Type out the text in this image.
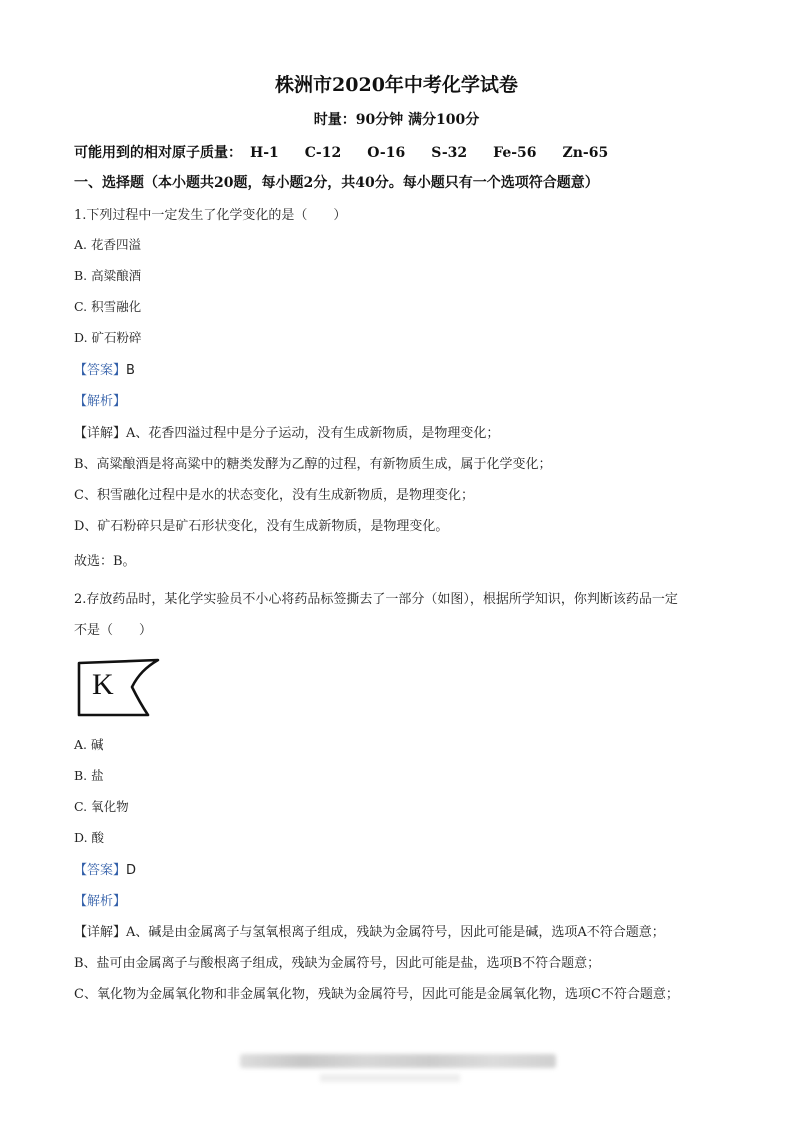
株洲市2020年中考化学试卷
时量：90分钟 满分100分
可能用到的相对原子质量： H-1 C-12 O-16 S-32 Fe-56 Zn-65
一、选择题（本小题共20题，每小题2分，共40分。每小题只有一个选项符合题意）
1.下列过程中一定发生了化学变化的是（　　）
A. 花香四溢
B. 高粱酿酒
C. 积雪融化
D. 矿石粉碎
【答案】B
【解析】
【详解】A、花香四溢过程中是分子运动，没有生成新物质，是物理变化；
B、高粱酿酒是将高粱中的糖类发酵为乙醇的过程，有新物质生成，属于化学变化；
C、积雪融化过程中是水的状态变化，没有生成新物质，是物理变化；
D、矿石粉碎只是矿石形状变化，没有生成新物质，是物理变化。
故选：B。
2.存放药品时，某化学实验员不小心将药品标签撕去了一部分（如图），根据所学知识，你判断该药品一定
不是（　　）
K
A. 碱
B. 盐
C. 氧化物
D. 酸
【答案】D
【解析】
【详解】A、碱是由金属离子与氢氧根离子组成，残缺为金属符号，因此可能是碱，选项A不符合题意；
B、盐可由金属离子与酸根离子组成，残缺为金属符号，因此可能是盐，选项B不符合题意；
C、氧化物为金属氧化物和非金属氧化物，残缺为金属符号，因此可能是金属氧化物，选项C不符合题意；
